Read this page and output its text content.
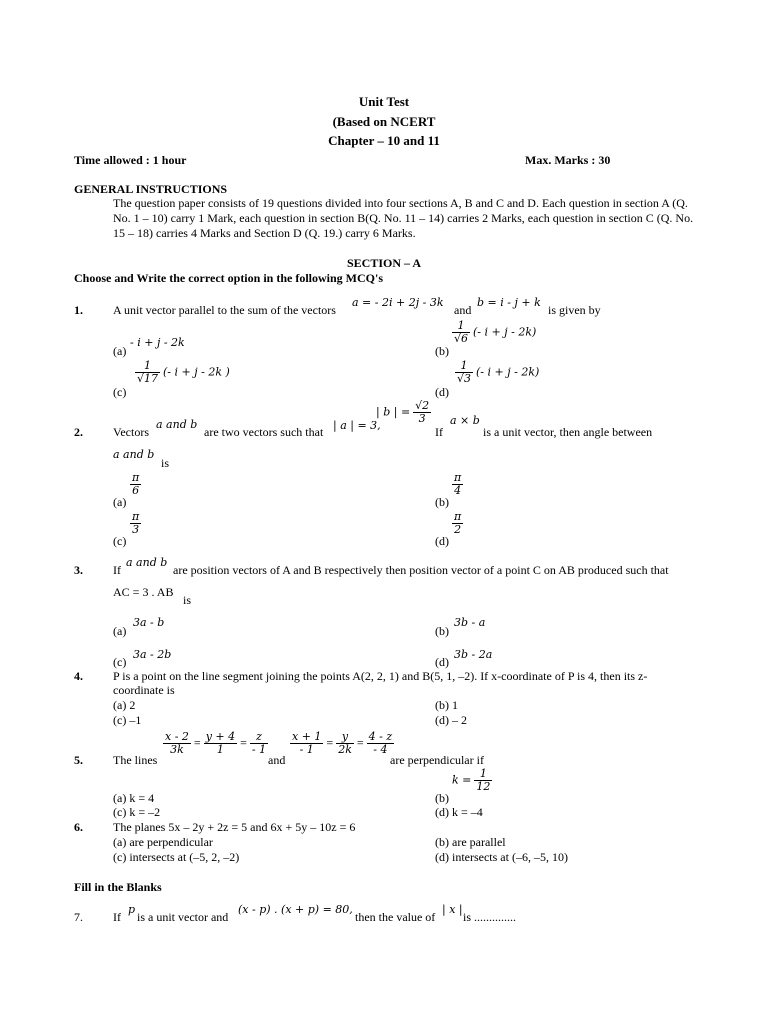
Unit Test
(Based on NCERT
Chapter – 10 and 11
Time allowed : 1 hour	Max. Marks : 30
GENERAL INSTRUCTIONS
The question paper consists of 19 questions divided into four sections A, B and C and D. Each question in section A (Q. No. 1 – 10) carry 1 Mark, each question in section B(Q. No. 11 – 14) carries 2 Marks, each question in section C (Q. No. 15 – 18) carries 4 Marks and Section D (Q. 19.) carry 6 Marks.
SECTION – A
Choose and Write the correct option in the following MCQ's
1.	A unit vector parallel to the sum of the vectors
a = - 2i + 2j - 3k
and
b = i - j + k
is given by
(a)
- i + j - 2k
(b)
$\frac{1}{√6}$ (- i + j - 2k)
(c)
$\frac{1}{√17}$ (- i + j - 2k )
(d)
$\frac{1}{√3}$ (- i + j - 2k)
2.	Vectors
a and b
are two vectors such that | a | = 3,
| b | = $\frac{√2}{3}$
If
a × b
is a unit vector, then angle between
a and b
is
(a)
$\frac{\pi}{6}$
(b)
$\frac{\pi}{4}$
(c)
$\frac{\pi}{3}$
(d)
$\frac{\pi}{2}$
3.	If
a and b
are position vectors of A and B respectively then position vector of a point C on AB produced such that
AC = 3 . AB
is
(a)
3a - b
(b)
3b - a
(c)
3a - 2b
(d)
3b - 2a
4.	P is a point on the line segment joining the points A(2, 2, 1) and B(5, 1, –2). If x-coordinate of P is 4, then its z-coordinate is
(a) 2	(b) 1
(c) –1	(d) – 2
5.	The lines
$\frac{x - 2}{3k} = \frac{y + 4}{1} = \frac{z}{- 1}$
and
$\frac{x + 1}{- 1} = \frac{y}{2k} = \frac{4 - z}{- 4}$
are perpendicular if
(a) k = 4	(b)
$k = \frac{1}{12}$
(c) k = –2	(d) k = –4
6.	The planes 5x – 2y + 2z = 5 and 6x + 5y – 10z = 6
(a) are perpendicular	(b) are parallel
(c) intersects at (–5, 2, –2)	(d) intersects at (–6, –5, 10)
Fill in the Blanks
7.	If
p
is a unit vector and
(x - p) . (x + p) = 80,
then the value of
| x |
is ..............
